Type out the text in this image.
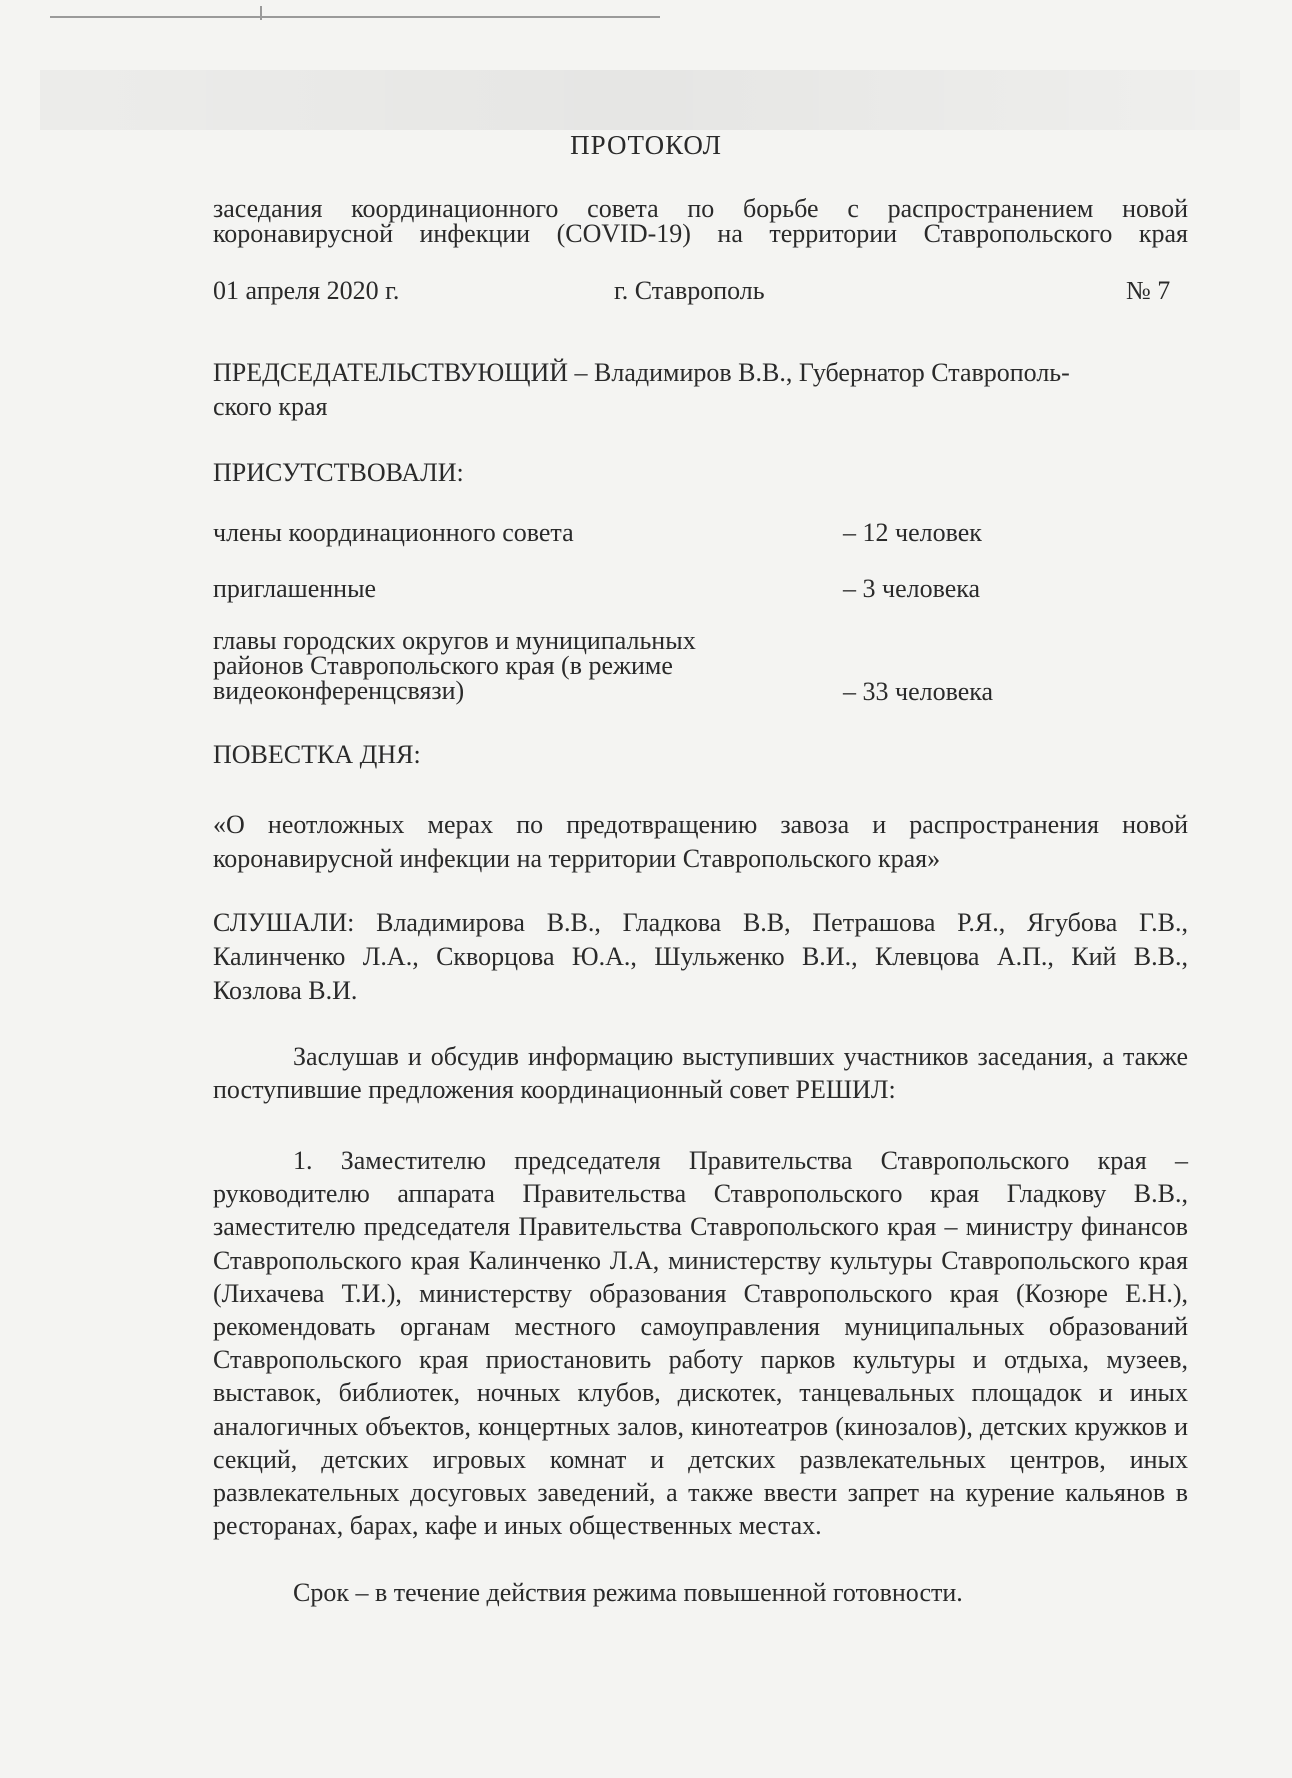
ПРОТОКОЛ
заседания координационного совета по борьбе с распространением новой
коронавирусной инфекции (COVID-19) на территории Ставропольского края
01 апреля 2020 г.	г. Ставрополь	№ 7
ПРЕДСЕДАТЕЛЬСТВУЮЩИЙ – Владимиров В.В., Губернатор Ставрополь-
ского края
ПРИСУТСТВОВАЛИ:
члены координационного совета	– 12 человек
приглашенные	– 3 человека
главы городских округов и муниципальных
районов Ставропольского края (в режиме
видеоконференцсвязи)	– 33 человека
ПОВЕСТКА ДНЯ:
«О неотложных мерах по предотвращению завоза и распространения новой
коронавирусной инфекции на территории Ставропольского края»
СЛУШАЛИ: Владимирова В.В., Гладкова В.В, Петрашова Р.Я., Ягубова Г.В.,
Калинченко Л.А., Скворцова Ю.А., Шульженко В.И., Клевцова А.П., Кий В.В.,
Козлова В.И.
Заслушав и обсудив информацию выступивших участников заседания, а также поступившие предложения координационный совет РЕШИЛ:
1. Заместителю председателя Правительства Ставропольского края – руководителю аппарата Правительства Ставропольского края Гладкову В.В., заместителю председателя Правительства Ставропольского края – министру финансов Ставропольского края Калинченко Л.А, министерству культуры Ставропольского края (Лихачева Т.И.), министерству образования Ставропольского края (Козюре Е.Н.), рекомендовать органам местного самоуправления муниципальных образований Ставропольского края приостановить работу парков культуры и отдыха, музеев, выставок, библиотек, ночных клубов, дискотек, танцевальных площадок и иных аналогичных объектов, концертных залов, кинотеатров (кинозалов), детских кружков и секций, детских игровых комнат и детских развлекательных центров, иных развлекательных досуговых заведений, а также ввести запрет на курение кальянов в ресторанах, барах, кафе и иных общественных местах.
Срок – в течение действия режима повышенной готовности.
